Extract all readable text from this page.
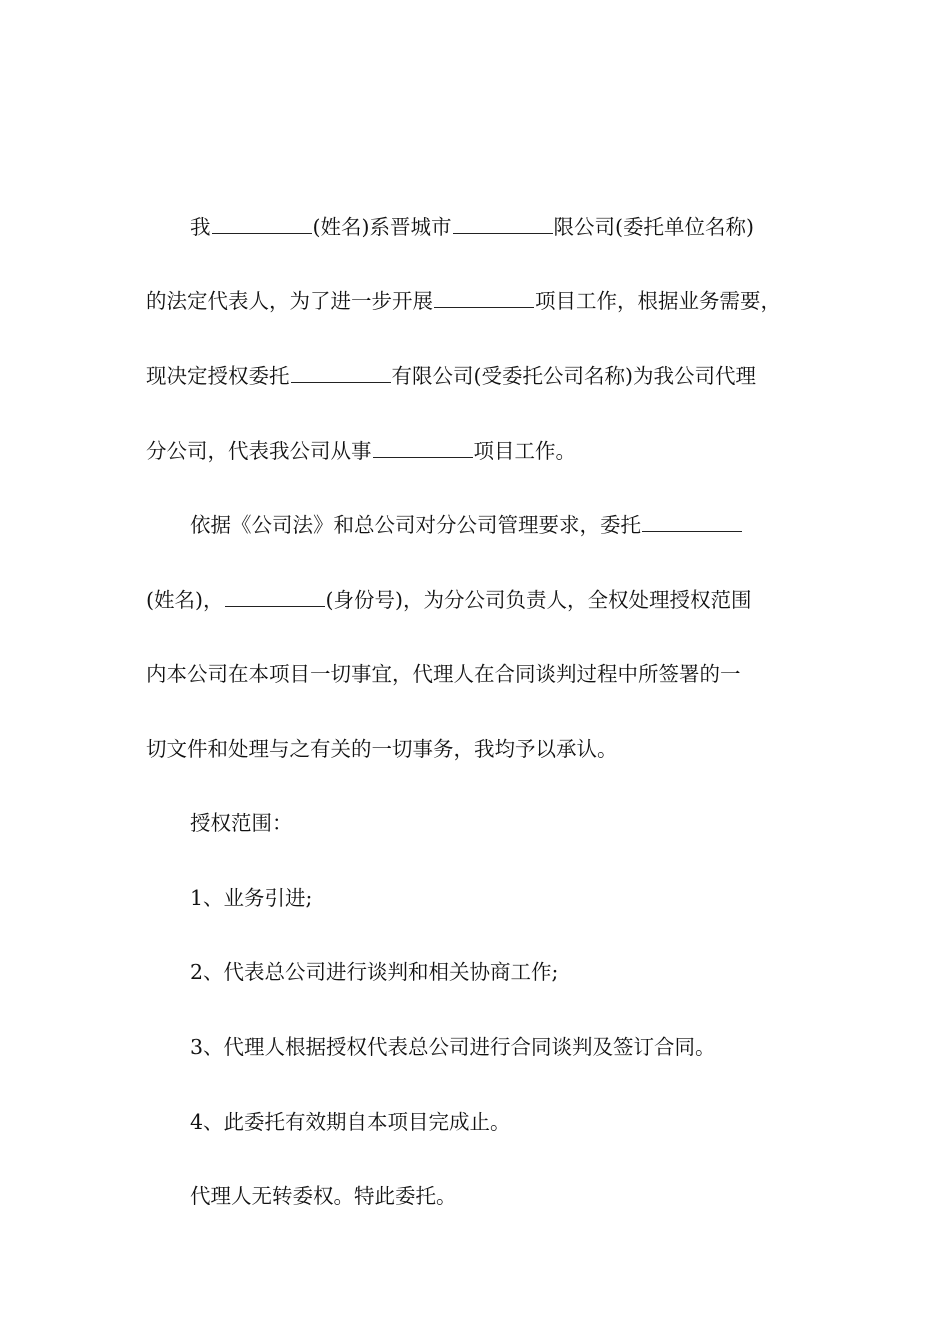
我	(姓名)系晋城市	限公司(委托单位名称)
的法定代表人，为了进一步开展	项目工作，根据业务需要，
现决定授权委托	有限公司(受委托公司名称)为我公司代理
分公司，代表我公司从事	项目工作。
依据《公司法》和总公司对分公司管理要求，委托
(姓名)，	(身份号)，为分公司负责人，全权处理授权范围
内本公司在本项目一切事宜，代理人在合同谈判过程中所签署的一
切文件和处理与之有关的一切事务，我均予以承认。
授权范围：
1、业务引进;
2、代表总公司进行谈判和相关协商工作;
3、代理人根据授权代表总公司进行合同谈判及签订合同。
4、此委托有效期自本项目完成止。
代理人无转委权。特此委托。
